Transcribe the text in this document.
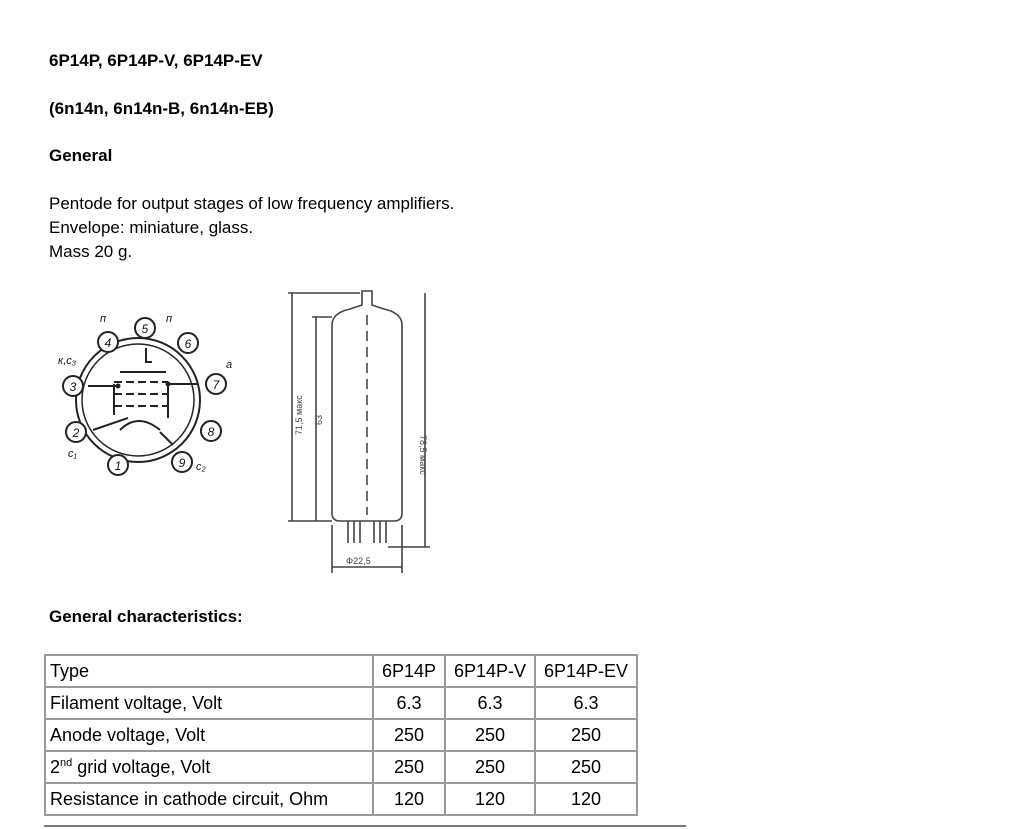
6P14P, 6P14P-V, 6P14P-EV
(6n14n, 6n14n-B, 6n14n-EB)
General
Pentode for output stages of low frequency amplifiers.
Envelope: miniature, glass.
Mass 20 g.
1
2
3
4
5
6
7
8
9
к,с₃
с₁
с₂
а
п	п
71,5 макс 63
78,5 макс
Φ22,5
General characteristics:
Type	6P14P	6P14P-V	6P14P-EV
Filament voltage, Volt	6.3	6.3	6.3
Anode voltage, Volt	250	250	250
2nd grid voltage, Volt	250	250	250
Resistance in cathode circuit, Ohm	120	120	120
